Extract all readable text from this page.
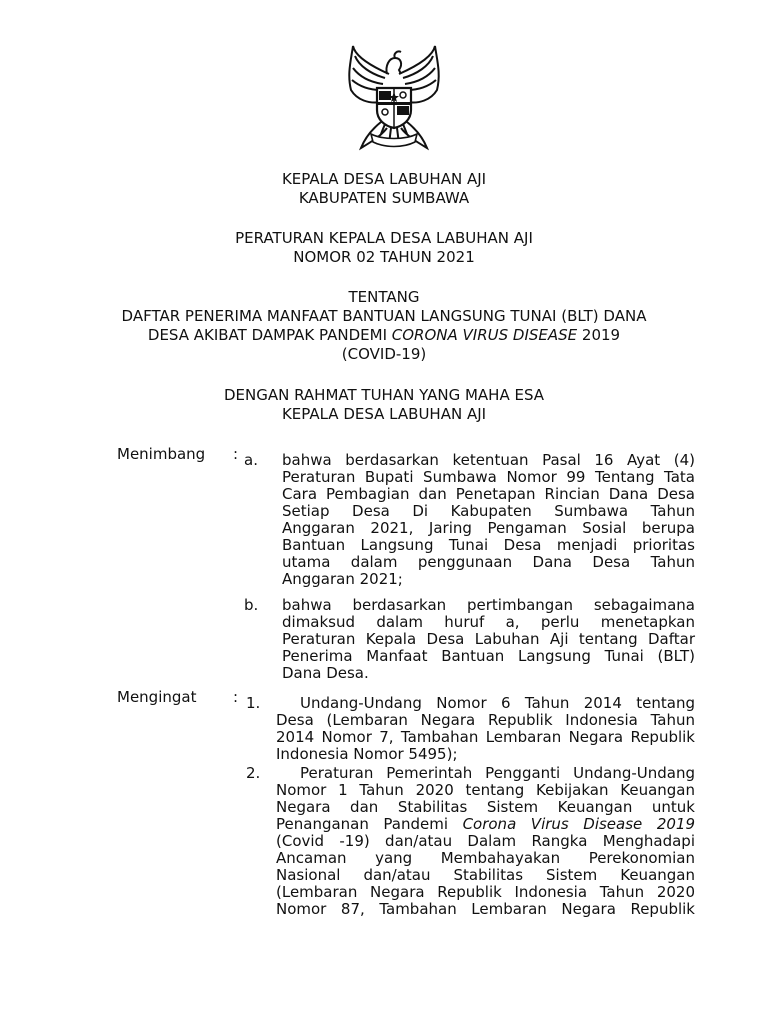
KEPALA DESA LABUHAN AJI
KABUPATEN SUMBAWA
PERATURAN KEPALA DESA LABUHAN AJI
NOMOR 02 TAHUN 2021
TENTANG
DAFTAR PENERIMA MANFAAT BANTUAN LANGSUNG TUNAI (BLT) DANA
DESA AKIBAT DAMPAK PANDEMI CORONA VIRUS DISEASE 2019
(COVID-19)
DENGAN RAHMAT TUHAN YANG MAHA ESA
KEPALA DESA LABUHAN AJI
Menimbang : a. bahwa berdasarkan ketentuan Pasal 16 Ayat (4)
Peraturan Bupati Sumbawa Nomor 99 Tentang Tata
Cara Pembagian dan Penetapan Rincian Dana Desa
Setiap Desa Di Kabupaten Sumbawa Tahun
Anggaran 2021, Jaring Pengaman Sosial berupa
Bantuan Langsung Tunai Desa menjadi prioritas
utama dalam penggunaan Dana Desa Tahun
Anggaran 2021;
b. bahwa berdasarkan pertimbangan sebagaimana
dimaksud dalam huruf a, perlu menetapkan
Peraturan Kepala Desa Labuhan Aji tentang Daftar
Penerima Manfaat Bantuan Langsung Tunai (BLT)
Dana Desa.
Mengingat : 1.	Undang-Undang Nomor 6 Tahun 2014 tentang
Desa (Lembaran Negara Republik Indonesia Tahun
2014 Nomor 7, Tambahan Lembaran Negara Republik
Indonesia Nomor 5495);
2.	Peraturan Pemerintah Pengganti Undang-Undang
Nomor 1 Tahun 2020 tentang Kebijakan Keuangan
Negara dan Stabilitas Sistem Keuangan untuk
Penanganan Pandemi Corona Virus Disease 2019
(Covid -19) dan/atau Dalam Rangka Menghadapi
Ancaman yang Membahayakan Perekonomian
Nasional dan/atau Stabilitas Sistem Keuangan
(Lembaran Negara Republik Indonesia Tahun 2020
Nomor 87, Tambahan Lembaran Negara Republik
